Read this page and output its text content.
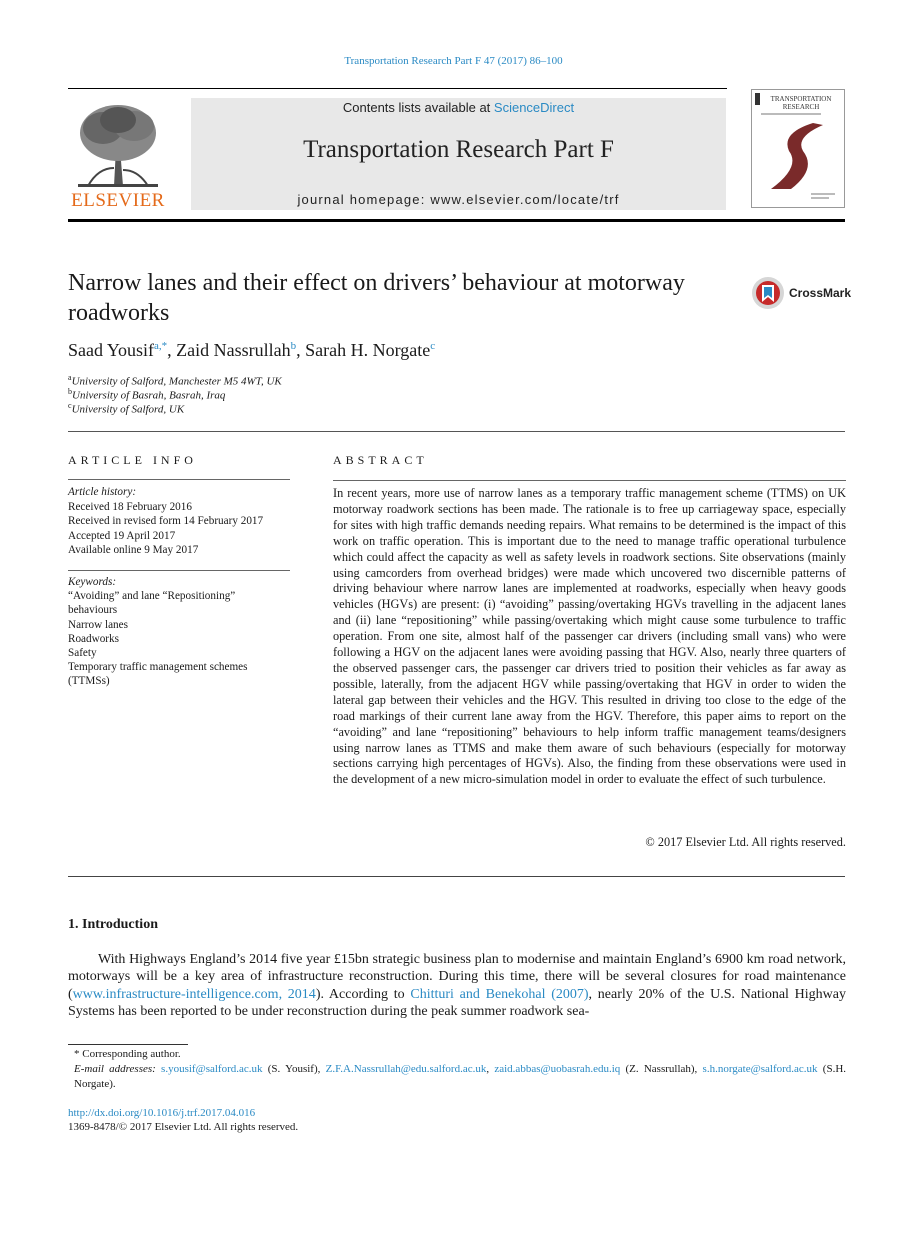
Transportation Research Part F 47 (2017) 86–100
ELSEVIER
Contents lists available at ScienceDirect
Transportation Research Part F
journal homepage: www.elsevier.com/locate/trf
TRANSPORTATION
RESEARCH
Narrow lanes and their effect on drivers’ behaviour at motorway roadworks
CrossMark
Saad Yousif$^{a,*}$, Zaid Nassrullah$^b$, Sarah H. Norgate$^c$
$^a$University of Salford, Manchester M5 4WT, UK
$^b$University of Basrah, Basrah, Iraq
$^c$University of Salford, UK
ARTICLE INFO	ABSTRACT
Article history:
Received 18 February 2016
Received in revised form 14 February 2017
Accepted 19 April 2017
Available online 9 May 2017
Keywords:
“Avoiding” and lane “Repositioning” behaviours
Narrow lanes
Roadworks
Safety
Temporary traffic management schemes (TTMSs)

In recent years, more use of narrow lanes as a temporary traffic management scheme (TTMS) on UK motorway roadwork sections has been made. The rationale is to free up carriageway space, especially for sites with high traffic demands needing repairs. What remains to be determined is the impact of this work on traffic operation. This is important due to the need to manage traffic operational turbulence which could affect the capacity as well as safety levels in roadwork sections. Site observations (mainly using camcorders from overhead bridges) were made which uncovered two discernible patterns of driving behaviour where narrow lanes are implemented at roadworks, especially when heavy goods vehicles (HGVs) are present: (i) “avoiding” passing/overtaking HGVs travelling in the adjacent lanes and (ii) lane “repositioning” while passing/overtaking which might cause some turbulence to traffic operation. From one site, almost half of the passenger car drivers (including small vans) who were following a HGV on the adjacent lanes were avoiding passing that HGV. Also, nearly three quarters of the observed passenger cars, the passenger car drivers tried to position their vehicles as far away as possible, laterally, from the adjacent HGV while passing/overtaking that HGV in order to widen the lateral gap between their vehicles and the HGV. This resulted in driving too close to the edge of the road markings of their current lane away from the HGV. Therefore, this paper aims to report on the “avoiding” and lane “repositioning” behaviours to help inform traffic management teams/designers using narrow lanes as TTMS and make them aware of such behaviours (especially for motorway sections carrying high percentages of HGVs). Also, the finding from these observations were used in the development of a new micro-simulation model in order to evaluate the effect of such turbulence.

© 2017 Elsevier Ltd. All rights reserved.
1. Introduction

With Highways England’s 2014 five year £15bn strategic business plan to modernise and maintain England’s 6900 km road network, motorways will be a key area of infrastructure reconstruction. During this time, there will be several closures for road maintenance (www.infrastructure-intelligence.com, 2014). According to Chitturi and Benekohal (2007), nearly 20% of the U.S. National Highway Systems has been reported to be under reconstruction during the peak summer roadwork sea-

* Corresponding author.
E-mail addresses: s.yousif@salford.ac.uk (S. Yousif), Z.F.A.Nassrullah@edu.salford.ac.uk, zaid.abbas@uobasrah.edu.iq (Z. Nassrullah), s.h.norgate@salford.ac.uk (S.H. Norgate).
http://dx.doi.org/10.1016/j.trf.2017.04.016
1369-8478/© 2017 Elsevier Ltd. All rights reserved.
